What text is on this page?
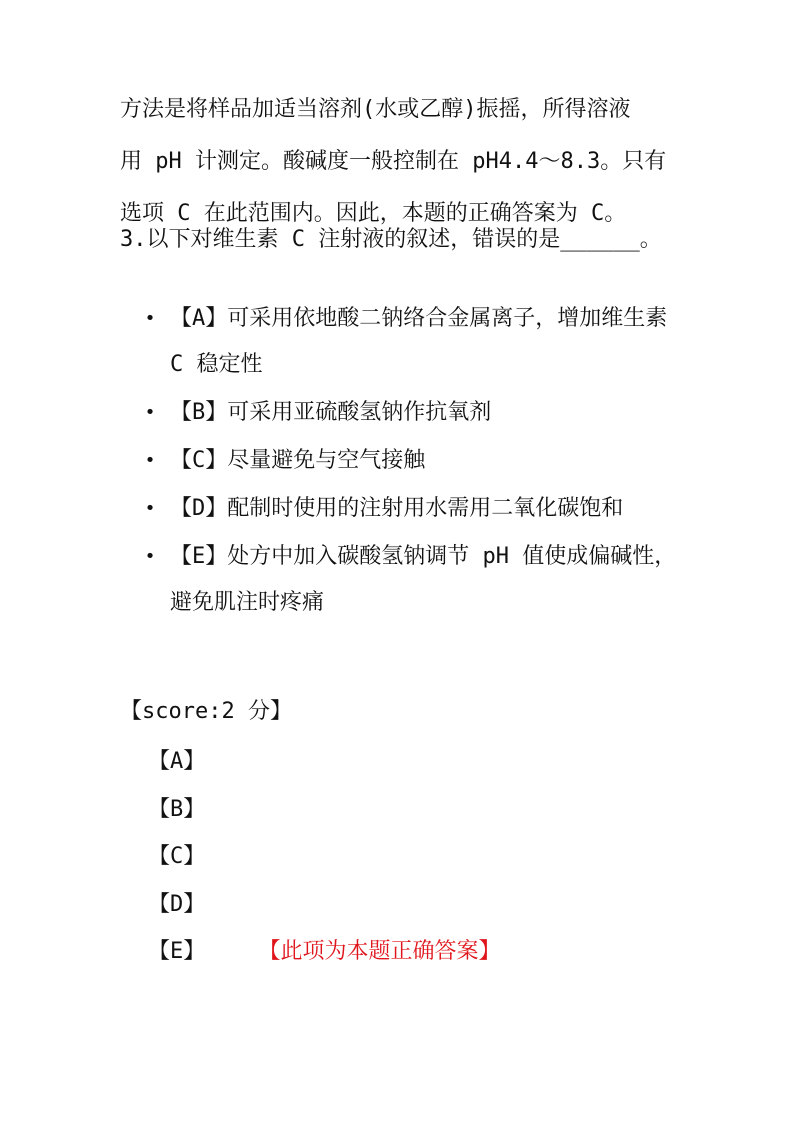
方法是将样品加适当溶剂(水或乙醇)振摇，所得溶液

用 pH 计测定。酸碱度一般控制在 pH4.4～8.3。只有

选项 C 在此范围内。因此，本题的正确答案为 C。

3.以下对维生素 C 注射液的叙述，错误的是______。

• 【A】可采用依地酸二钠络合金属离子，增加维生素 C 稳定性
• 【B】可采用亚硫酸氢钠作抗氧剂
• 【C】尽量避免与空气接触
• 【D】配制时使用的注射用水需用二氧化碳饱和
• 【E】处方中加入碳酸氢钠调节 pH 值使成偏碱性，避免肌注时疼痛
【score:2 分】
【A】
【B】
【C】
【D】
【E】 【此项为本题正确答案】
